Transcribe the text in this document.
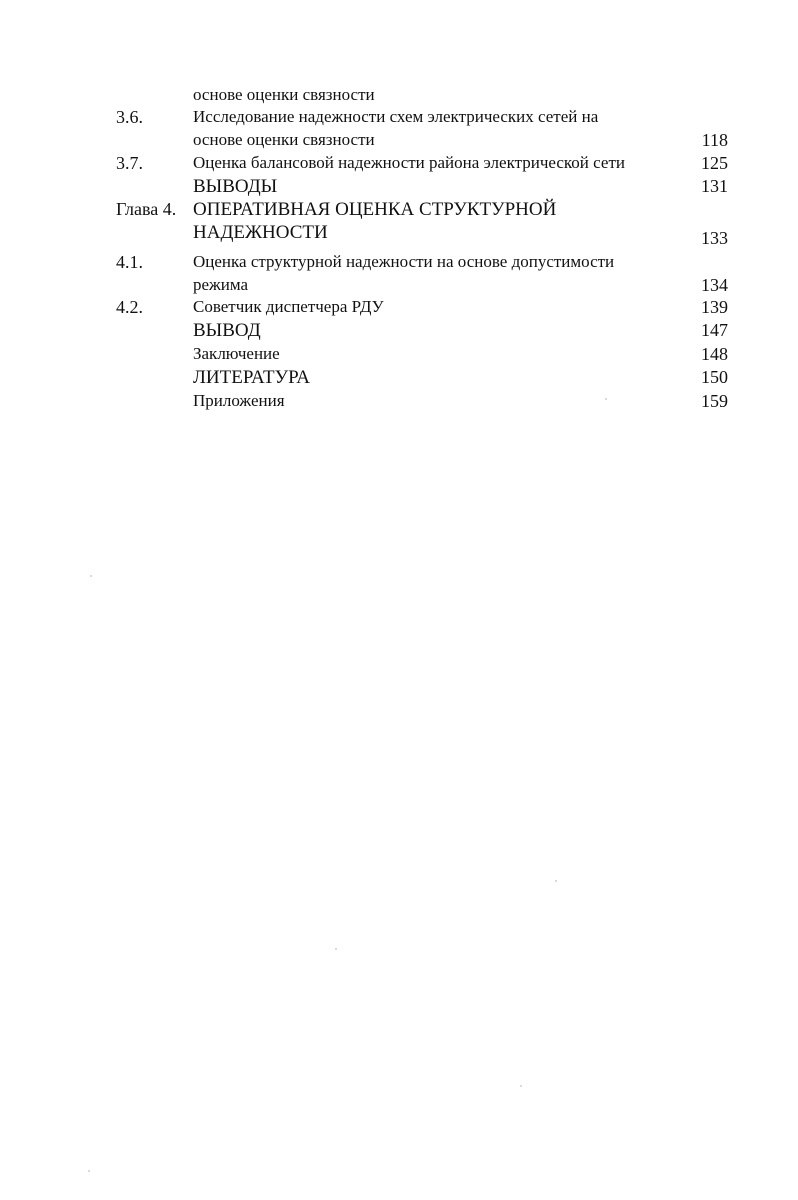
основе оценки связности
3.6.	Исследование надежности схем электрических сетей на
основе оценки связности	118
3.7.	Оценка балансовой надежности района электрической сети	125
ВЫВОДЫ	131
Глава 4. ОПЕРАТИВНАЯ ОЦЕНКА СТРУКТУРНОЙ
НАДЕЖНОСТИ	133
4.1.	Оценка структурной надежности на основе допустимости
режима	134
4.2.	Советчик диспетчера РДУ	139
ВЫВОД	147
Заключение	148
ЛИТЕРАТУРА	150
Приложения	159
